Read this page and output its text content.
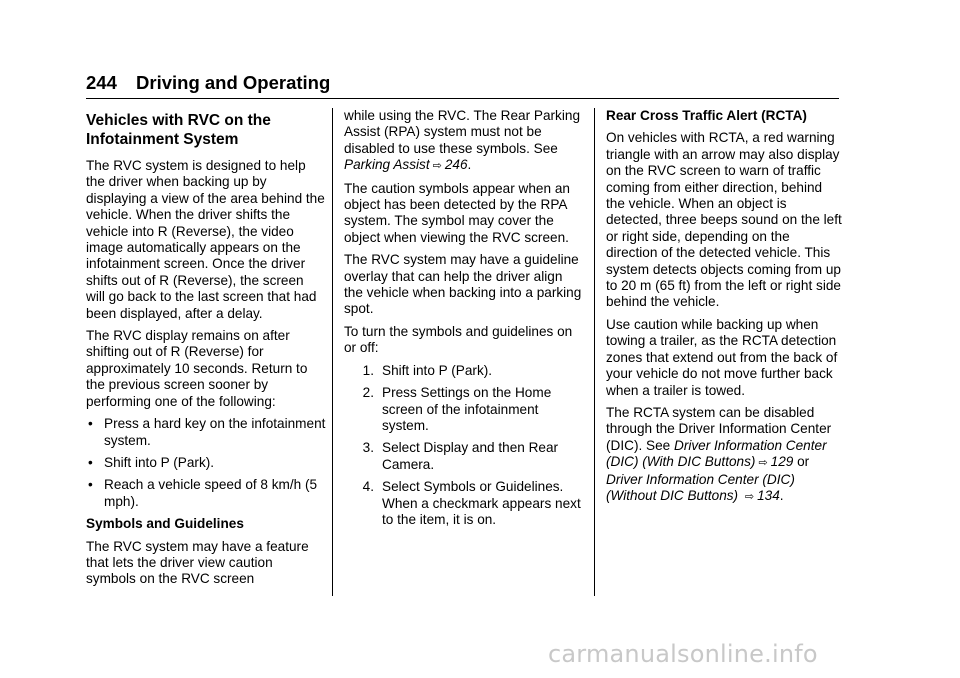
244 Driving and Operating
Vehicles with RVC on the Infotainment System

The RVC system is designed to help the driver when backing up by displaying a view of the area behind the vehicle. When the driver shifts the vehicle into R (Reverse), the video image automatically appears on the infotainment screen. Once the driver shifts out of R (Reverse), the screen will go back to the last screen that had been displayed, after a delay.

The RVC display remains on after shifting out of R (Reverse) for approximately 10 seconds. Return to the previous screen sooner by performing one of the following:

• Press a hard key on the infotainment system.
• Shift into P (Park).
• Reach a vehicle speed of 8 km/h (5 mph).

Symbols and Guidelines

The RVC system may have a feature that lets the driver view caution symbols on the RVC screen

while using the RVC. The Rear Parking Assist (RPA) system must not be disabled to use these symbols. See Parking Assist ⇨ 246.

The caution symbols appear when an object has been detected by the RPA system. The symbol may cover the object when viewing the RVC screen.

The RVC system may have a guideline overlay that can help the driver align the vehicle when backing into a parking spot.

To turn the symbols and guidelines on or off:

1. Shift into P (Park).
2. Press Settings on the Home screen of the infotainment system.
3. Select Display and then Rear Camera.
4. Select Symbols or Guidelines. When a checkmark appears next to the item, it is on.

Rear Cross Traffic Alert (RCTA)

On vehicles with RCTA, a red warning triangle with an arrow may also display on the RVC screen to warn of traffic coming from either direction, behind the vehicle. When an object is detected, three beeps sound on the left or right side, depending on the direction of the detected vehicle. This system detects objects coming from up to 20 m (65 ft) from the left or right side behind the vehicle.

Use caution while backing up when towing a trailer, as the RCTA detection zones that extend out from the back of your vehicle do not move further back when a trailer is towed.

The RCTA system can be disabled through the Driver Information Center (DIC). See Driver Information Center (DIC) (With DIC Buttons) ⇨ 129 or Driver Information Center (DIC) (Without DIC Buttons) ⇨ 134.

carmanualsonline.info
